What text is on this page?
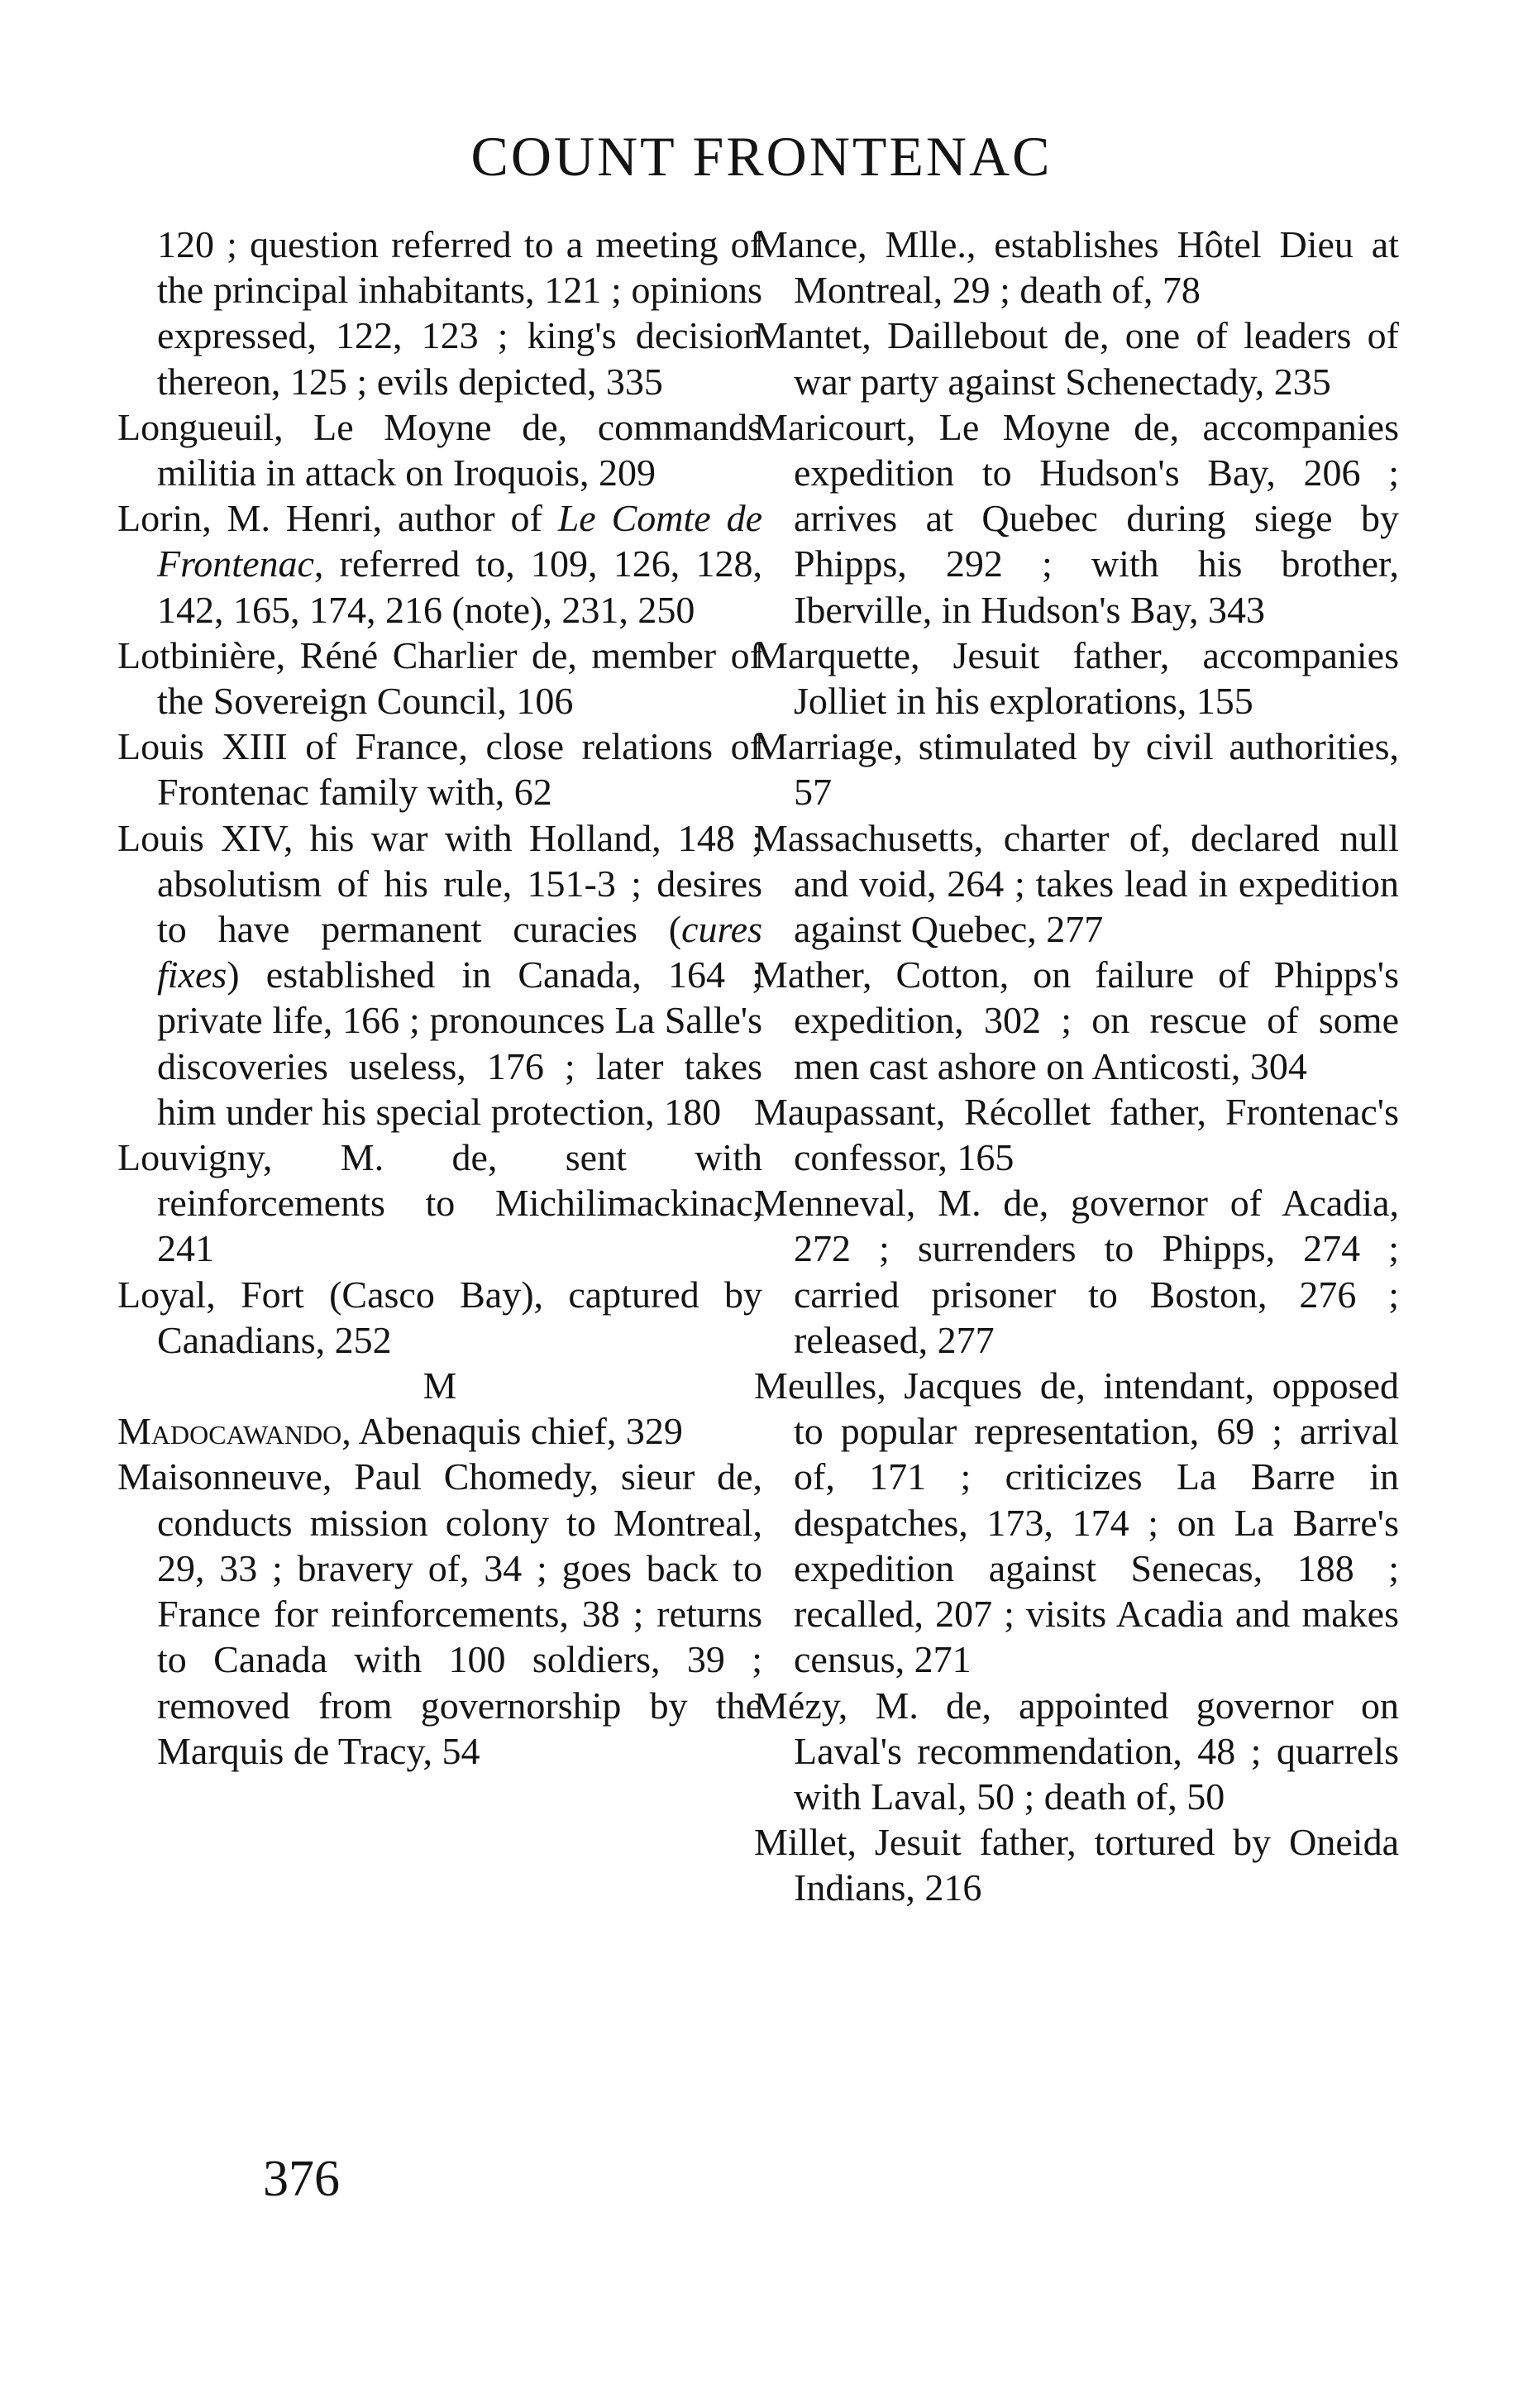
COUNT FRONTENAC
120 ; question referred to a meeting of the principal inhabitants, 121 ; opinions expressed, 122, 123 ; king's decision thereon, 125 ; evils depicted, 335
Longueuil, Le Moyne de, commands militia in attack on Iroquois, 209
Lorin, M. Henri, author of Le Comte de Frontenac, referred to, 109, 126, 128, 142, 165, 174, 216 (note), 231, 250
Lotbinière, Réné Charlier de, member of the Sovereign Council, 106
Louis XIII of France, close relations of Frontenac family with, 62
Louis XIV, his war with Holland, 148 ; absolutism of his rule, 151-3 ; desires to have permanent curacies (cures fixes) established in Canada, 164 ; private life, 166 ; pronounces La Salle's discoveries useless, 176 ; later takes him under his special protection, 180
Louvigny, M. de, sent with reinforcements to Michilimackinac, 241
Loyal, Fort (Casco Bay), captured by Canadians, 252
M
Madocawando, Abenaquis chief, 329
Maisonneuve, Paul Chomedy, sieur de, conducts mission colony to Montreal, 29, 33 ; bravery of, 34 ; goes back to France for reinforcements, 38 ; returns to Canada with 100 soldiers, 39 ; removed from governorship by the Marquis de Tracy, 54
Mance, Mlle., establishes Hôtel Dieu at Montreal, 29 ; death of, 78
Mantet, Daillebout de, one of leaders of war party against Schenectady, 235
Maricourt, Le Moyne de, accompanies expedition to Hudson's Bay, 206 ; arrives at Quebec during siege by Phipps, 292 ; with his brother, Iberville, in Hudson's Bay, 343
Marquette, Jesuit father, accompanies Jolliet in his explorations, 155
Marriage, stimulated by civil authorities, 57
Massachusetts, charter of, declared null and void, 264 ; takes lead in expedition against Quebec, 277
Mather, Cotton, on failure of Phipps's expedition, 302 ; on rescue of some men cast ashore on Anticosti, 304
Maupassant, Récollet father, Frontenac's confessor, 165
Menneval, M. de, governor of Acadia, 272 ; surrenders to Phipps, 274 ; carried prisoner to Boston, 276 ; released, 277
Meulles, Jacques de, intendant, opposed to popular representation, 69 ; arrival of, 171 ; criticizes La Barre in despatches, 173, 174 ; on La Barre's expedition against Senecas, 188 ; recalled, 207 ; visits Acadia and makes census, 271
Mézy, M. de, appointed governor on Laval's recommendation, 48 ; quarrels with Laval, 50 ; death of, 50
Millet, Jesuit father, tortured by Oneida Indians, 216
376
